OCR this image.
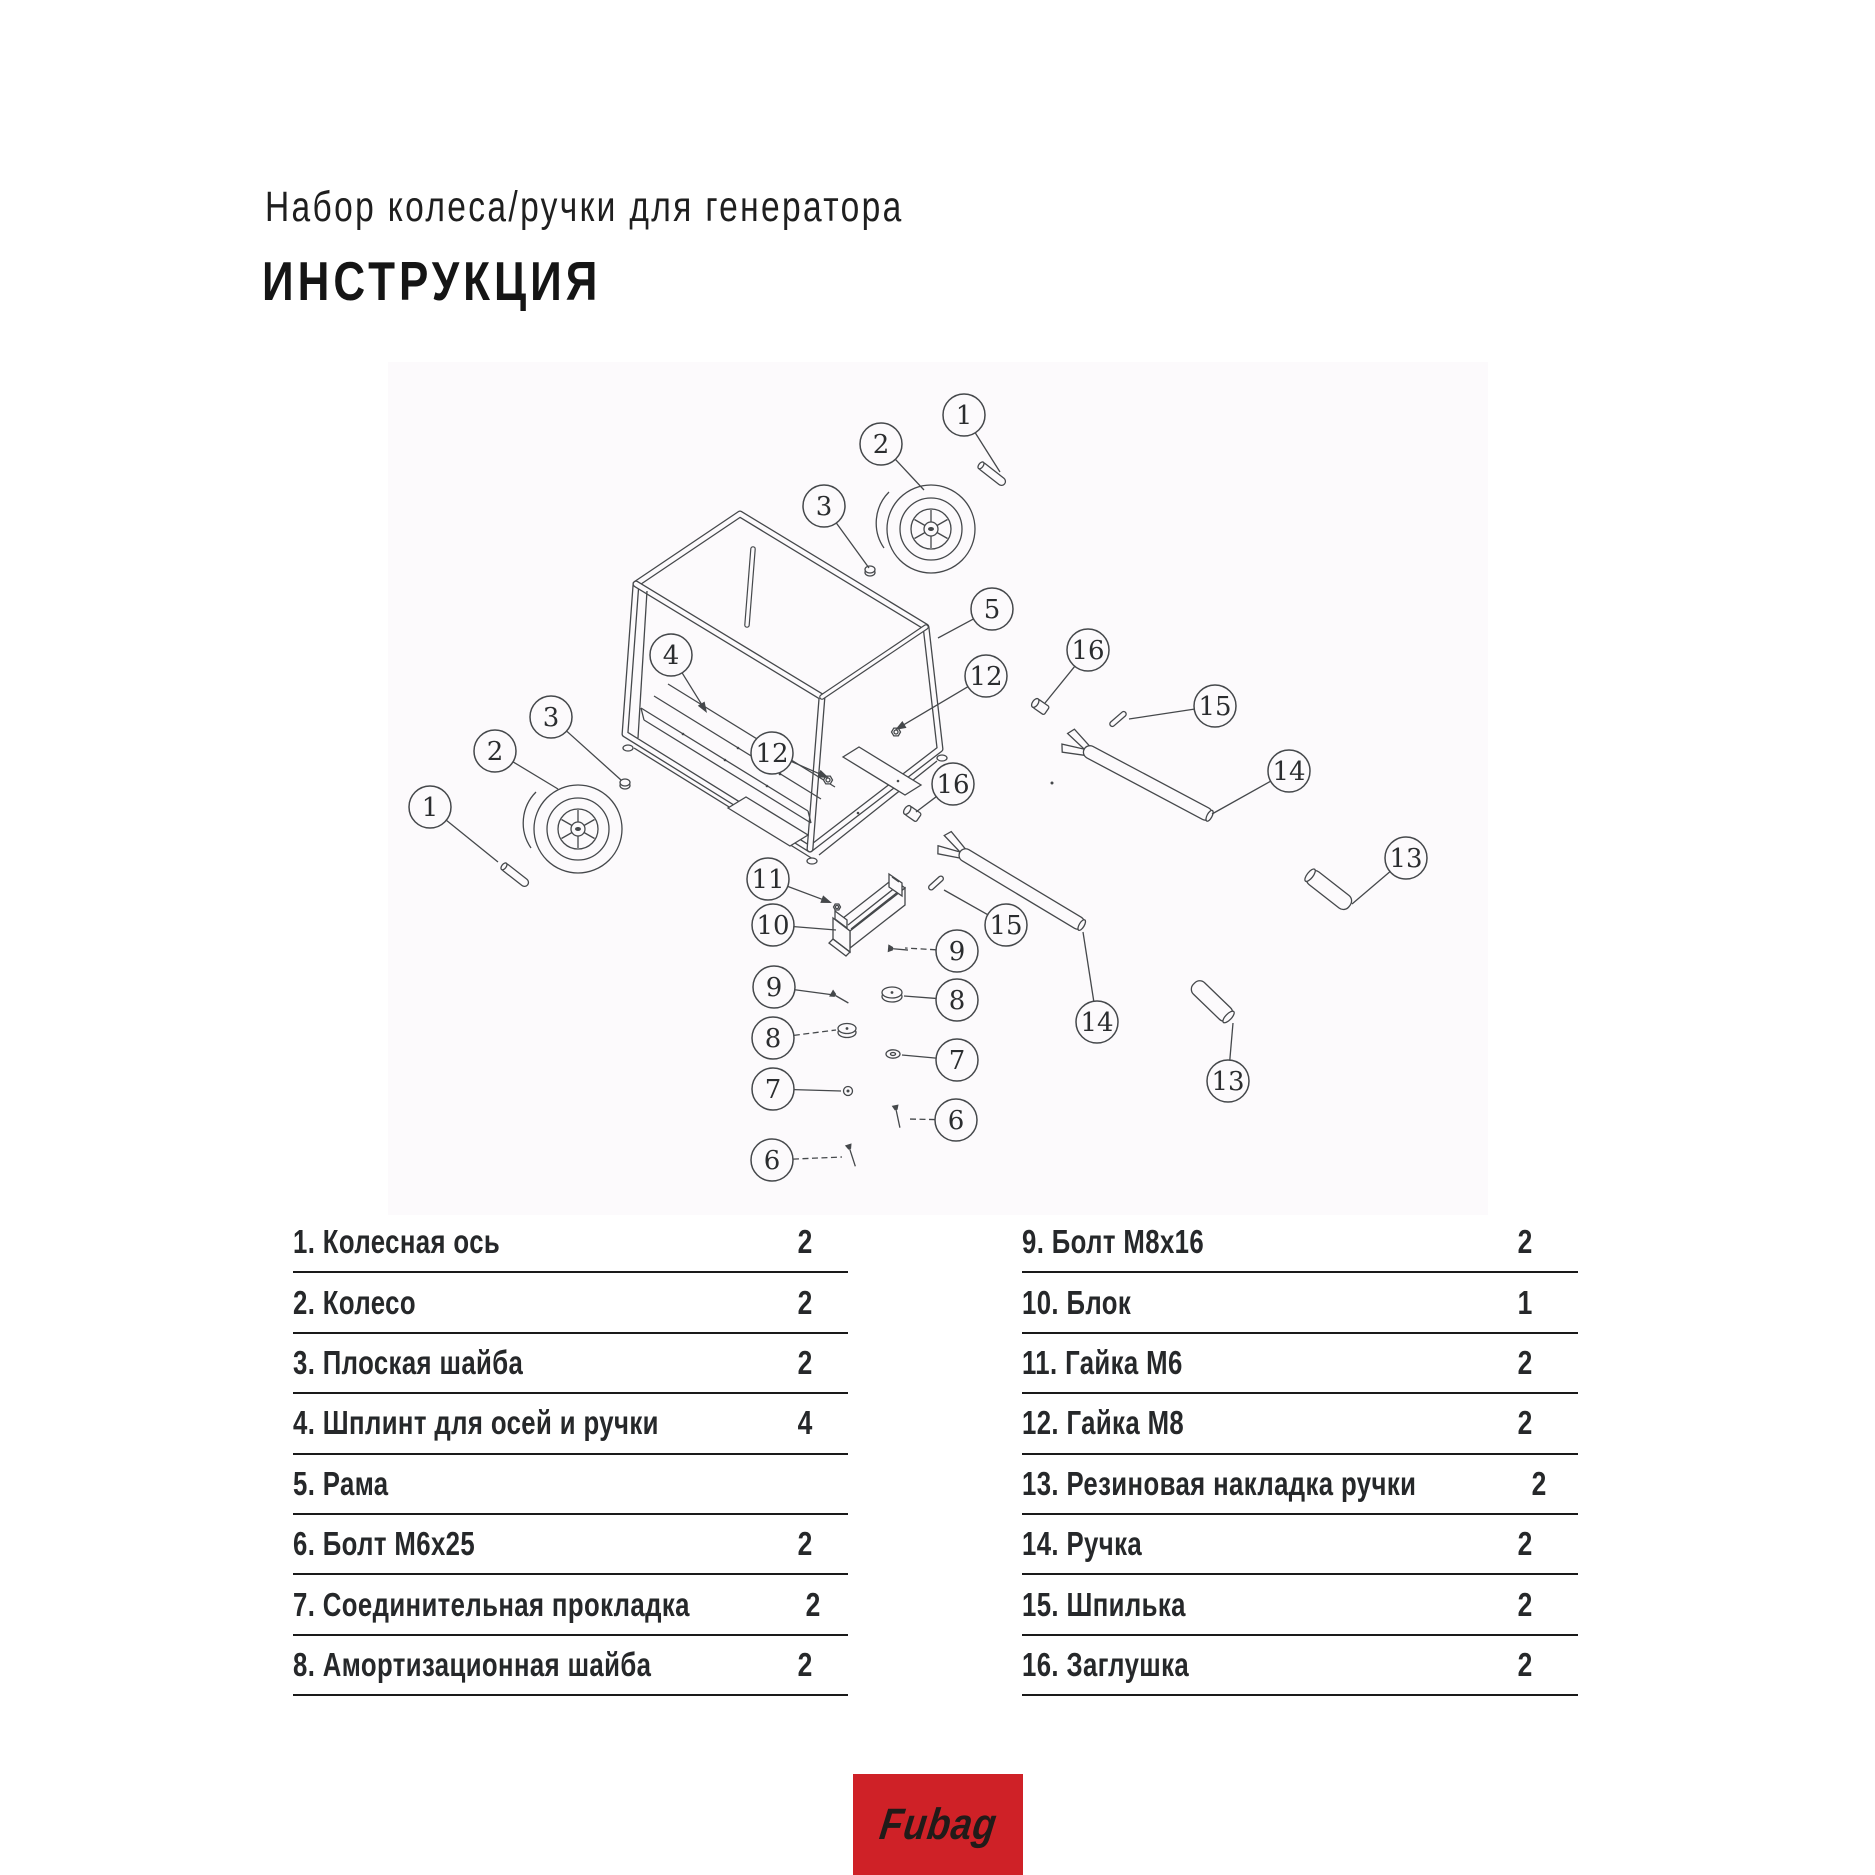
Набор колеса/ручки для генератора
ИНСТРУКЦИЯ
1
2
3
5
16
12
15
4
3
2
1
12
16	14
13
11
10	15
9
9	8
8
14
7
7	13
6
6
1. Колесная ось	2
2. Колесо	2
3. Плоская шайба	2
4. Шплинт для осей и ручки	4
5. Рама
6. Болт М6х25	2
7. Соединительная прокладка	2
8. Амортизационная шайба	2
9. Болт М8х16	2
10. Блок	1
11. Гайка М6	2
12. Гайка М8	2
13. Резиновая накладка ручки	2
14. Ручка	2
15. Шпилька	2
16. Заглушка	2
Fubag
